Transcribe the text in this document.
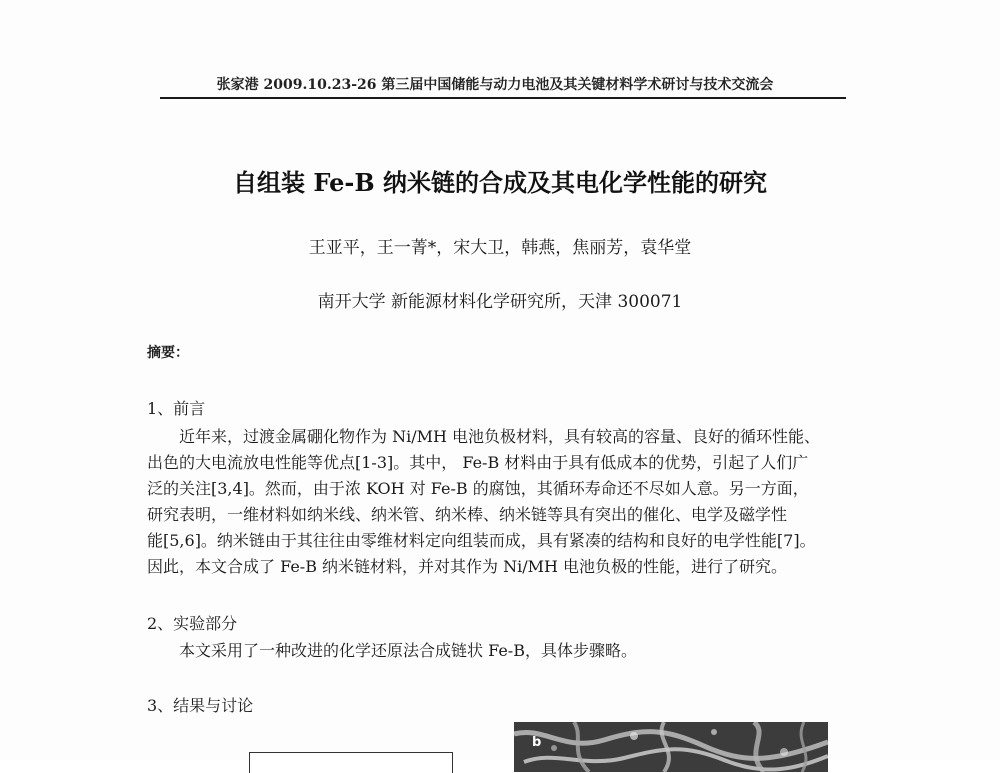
张家港 2009.10.23-26 第三届中国储能与动力电池及其关键材料学术研讨与技术交流会
自组装 Fe-B 纳米链的合成及其电化学性能的研究
王亚平，王一菁*，宋大卫，韩燕，焦丽芳，袁华堂
南开大学 新能源材料化学研究所，天津 300071
摘要：
1、前言
近年来，过渡金属硼化物作为 Ni/MH 电池负极材料，具有较高的容量、良好的循环性能、
出色的大电流放电性能等优点[1-3]。其中， Fe-B 材料由于具有低成本的优势，引起了人们广
泛的关注[3,4]。然而，由于浓 KOH 对 Fe-B 的腐蚀，其循环寿命还不尽如人意。另一方面，
研究表明，一维材料如纳米线、纳米管、纳米棒、纳米链等具有突出的催化、电学及磁学性
能[5,6]。纳米链由于其往往由零维材料定向组装而成，具有紧凑的结构和良好的电学性能[7]。
因此，本文合成了 Fe-B 纳米链材料，并对其作为 Ni/MH 电池负极的性能，进行了研究。
2、实验部分
本文采用了一种改进的化学还原法合成链状 Fe-B，具体步骤略。
3、结果与讨论
b
